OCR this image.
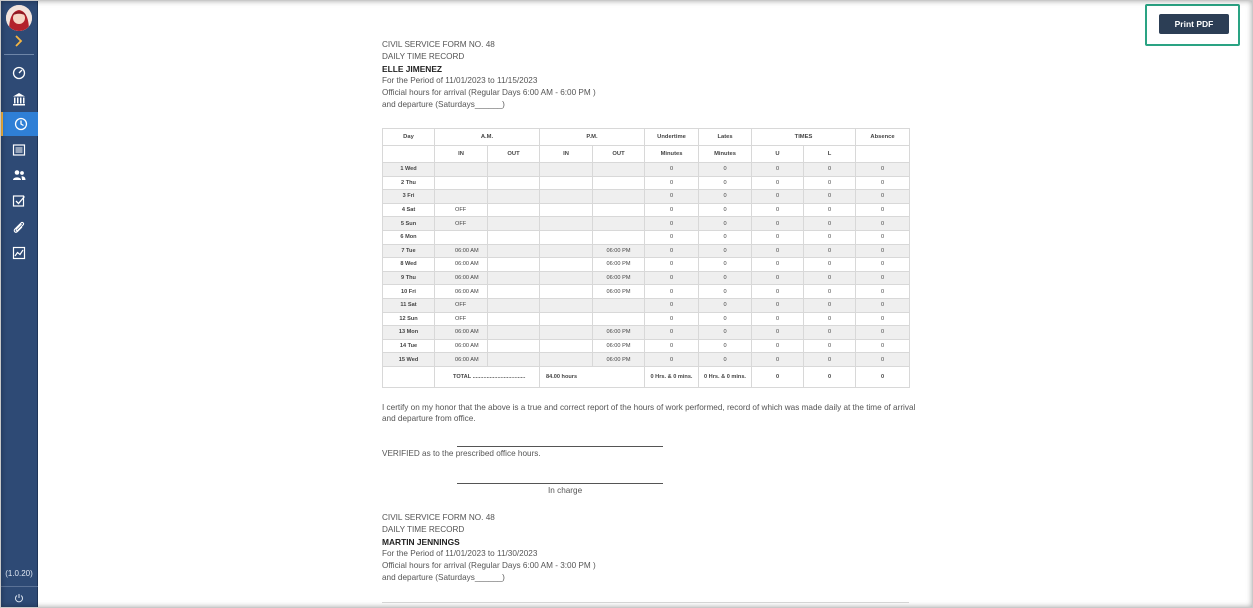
(1.0.20)
Print PDF
CIVIL SERVICE FORM NO. 48
DAILY TIME RECORD
ELLE JIMENEZ
For the Period of 11/01/2023 to 11/15/2023
Official hours for arrival (Regular Days 6:00 AM - 6:00 PM )
and departure (Saturdays______)
Day	A.M.		P.M.		Undertime	Lates	TIMES		Absence
	IN	OUT	IN	OUT	Minutes	Minutes	U	L	
1 Wed					0	0	0	0	0
2 Thu					0	0	0	0	0
3 Fri					0	0	0	0	0
4 Sat	OFF				0	0	0	0	0
5 Sun	OFF				0	0	0	0	0
6 Mon					0	0	0	0	0
7 Tue	06:00 AM			06:00 PM	0	0	0	0	0
8 Wed	06:00 AM			06:00 PM	0	0	0	0	0
9 Thu	06:00 AM			06:00 PM	0	0	0	0	0
10 Fri	06:00 AM			06:00 PM	0	0	0	0	0
11 Sat	OFF				0	0	0	0	0
12 Sun	OFF				0	0	0	0	0
13 Mon	06:00 AM			06:00 PM	0	0	0	0	0
14 Tue	06:00 AM			06:00 PM	0	0	0	0	0
15 Wed	06:00 AM			06:00 PM	0	0	0	0	0
	TOTAL ..................................		84.00 hours		0 Hrs. & 0 mins.	0 Hrs. & 0 mins.	0	0	0
I certify on my honor that the above is a true and correct report of the hours of work performed, record of which was made daily at the time of arrival and departure from office.
VERIFIED as to the prescribed office hours.
In charge
CIVIL SERVICE FORM NO. 48
DAILY TIME RECORD
MARTIN JENNINGS
For the Period of 11/01/2023 to 11/30/2023
Official hours for arrival (Regular Days 6:00 AM - 3:00 PM )
and departure (Saturdays______)
